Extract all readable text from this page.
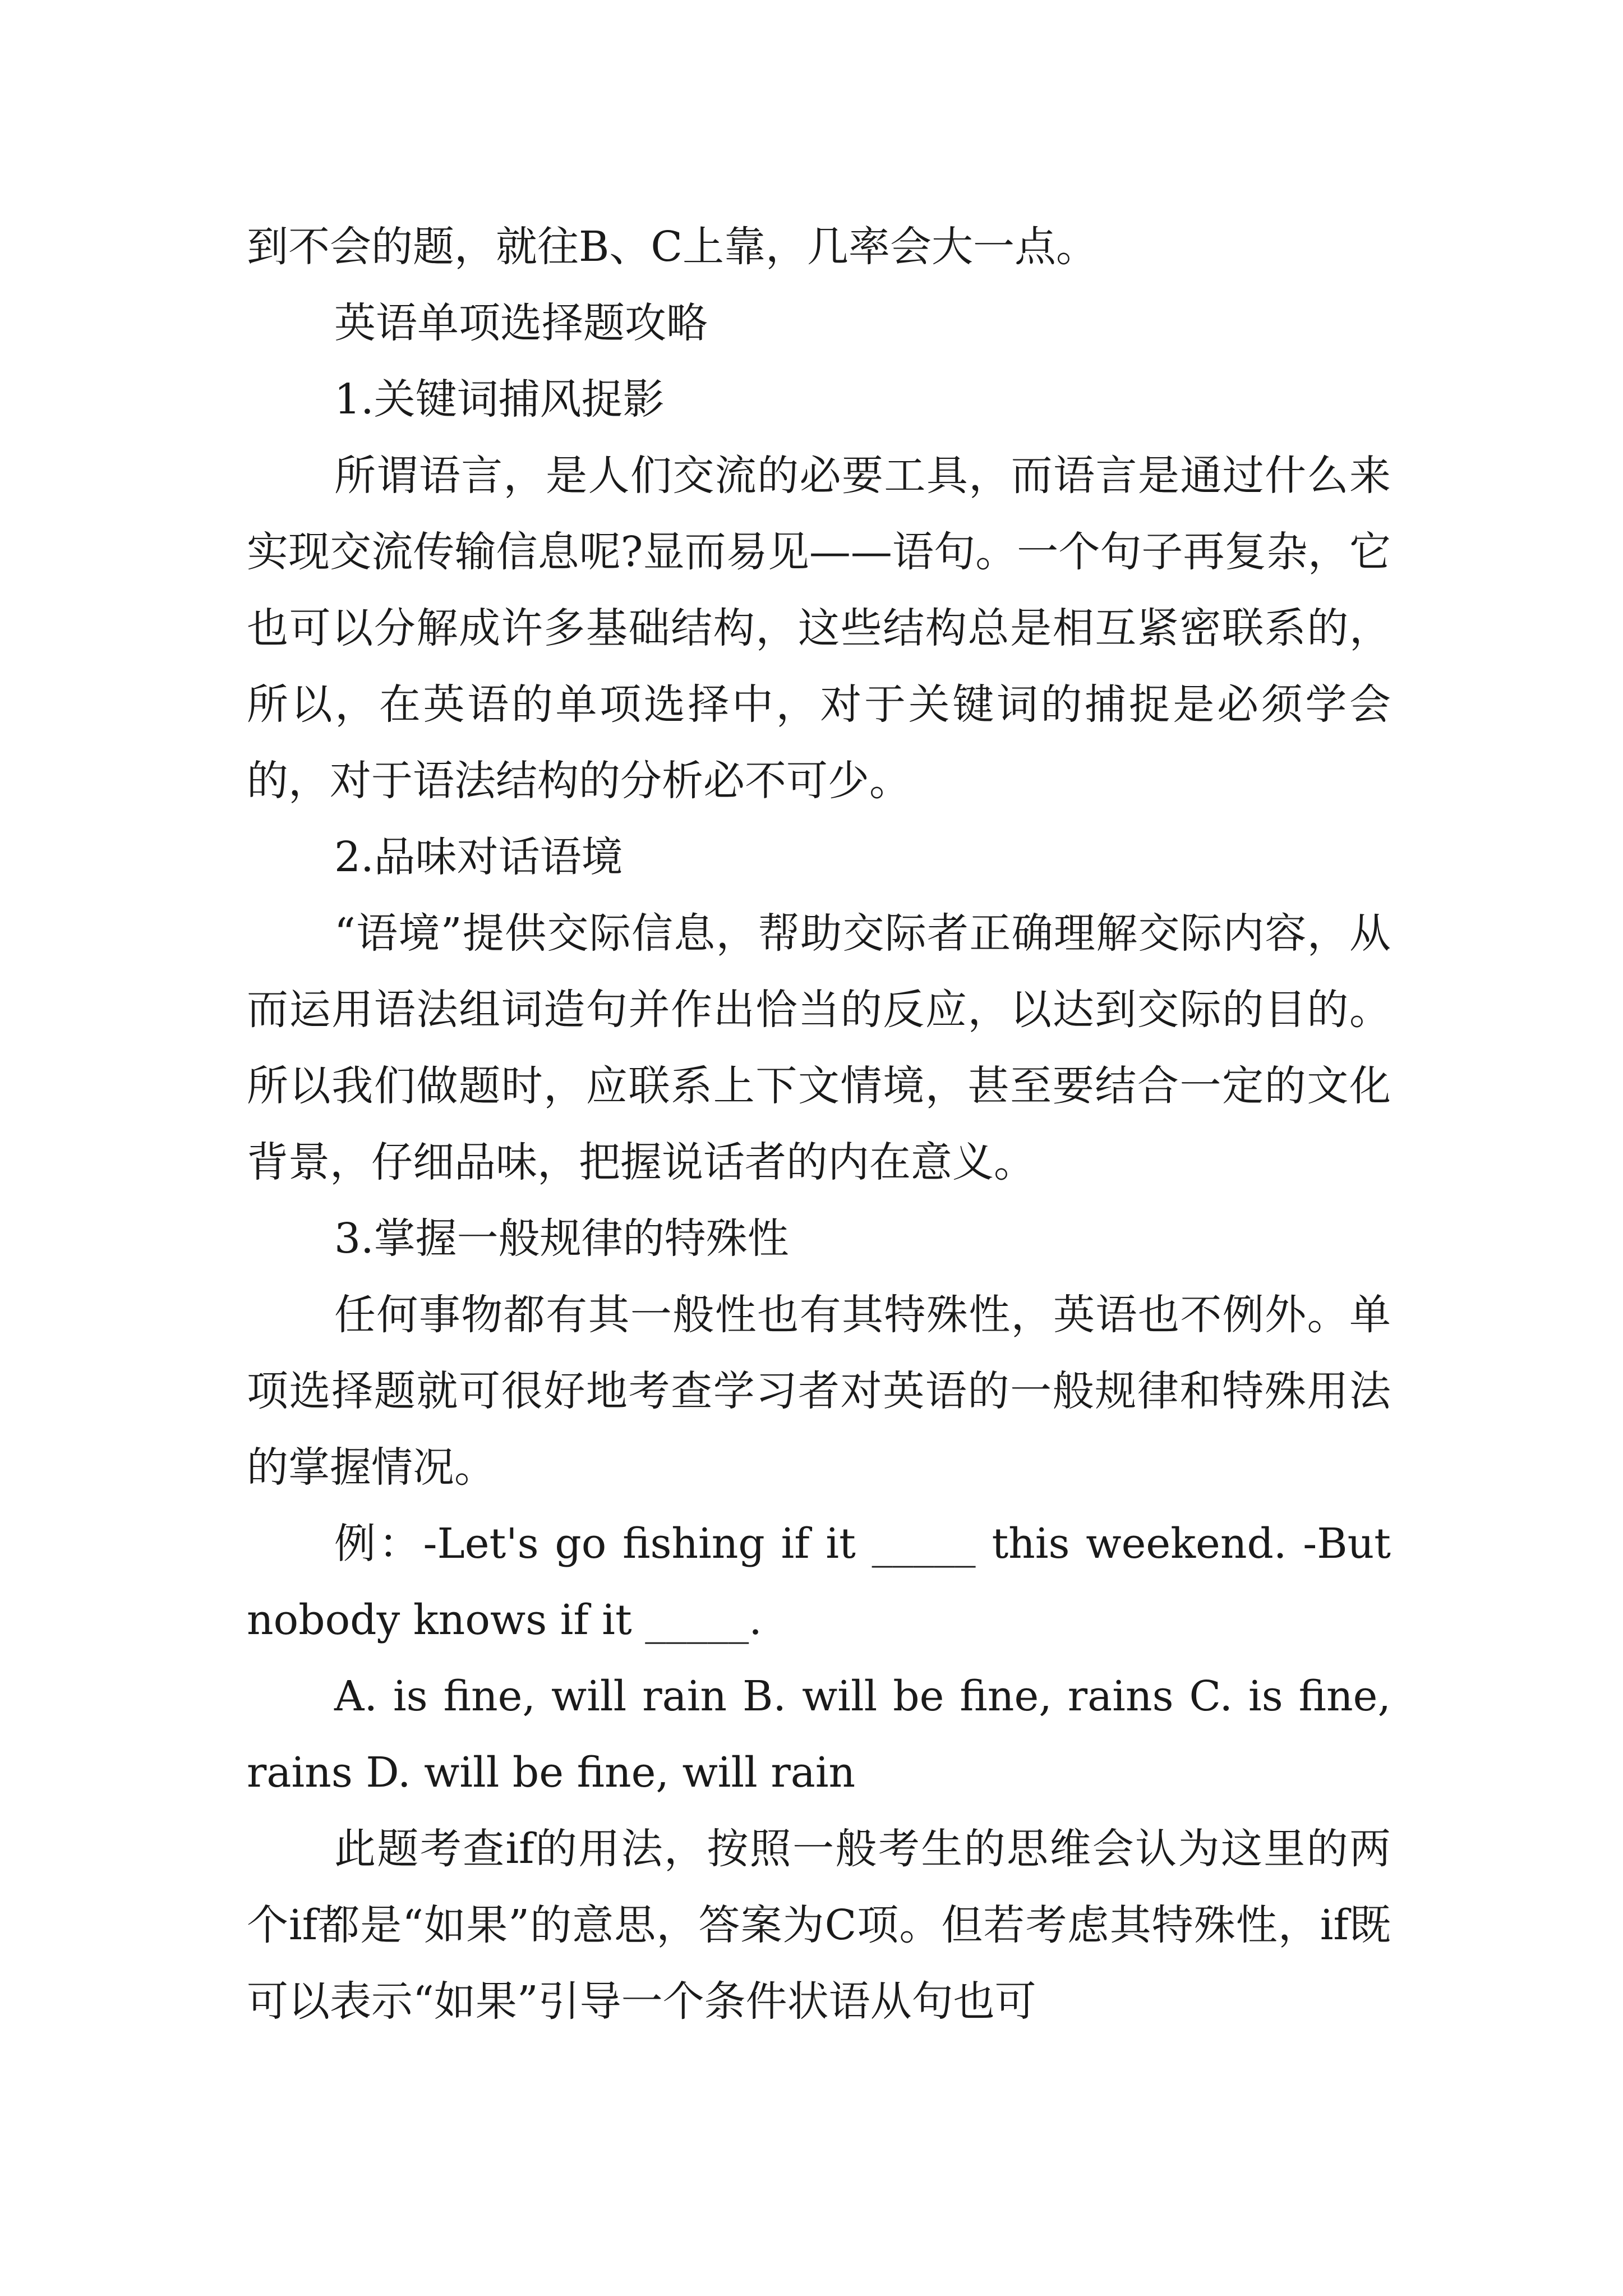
到不会的题，就往B、C上靠，几率会大一点。

英语单项选择题攻略

1.关键词捕风捉影

所谓语言，是人们交流的必要工具，而语言是通过什么来实现交流传输信息呢?显而易见——语句。一个句子再复杂，它也可以分解成许多基础结构，这些结构总是相互紧密联系的，所以，在英语的单项选择中，对于关键词的捕捉是必须学会的，对于语法结构的分析必不可少。

2.品味对话语境

“语境”提供交际信息，帮助交际者正确理解交际内容，从而运用语法组词造句并作出恰当的反应，以达到交际的目的。所以我们做题时，应联系上下文情境，甚至要结合一定的文化背景，仔细品味，把握说话者的内在意义。

3.掌握一般规律的特殊性

任何事物都有其一般性也有其特殊性，英语也不例外。单项选择题就可很好地考查学习者对英语的一般规律和特殊用法的掌握情况。

例：-Let's go fishing if it _____ this weekend. -But nobody knows if it _____.

A. is fine, will rain B. will be fine, rains C. is fine, rains D. will be fine, will rain

此题考查if的用法，按照一般考生的思维会认为这里的两个if都是“如果”的意思，答案为C项。但若考虑其特殊性，if既可以表示“如果”引导一个条件状语从句也可
